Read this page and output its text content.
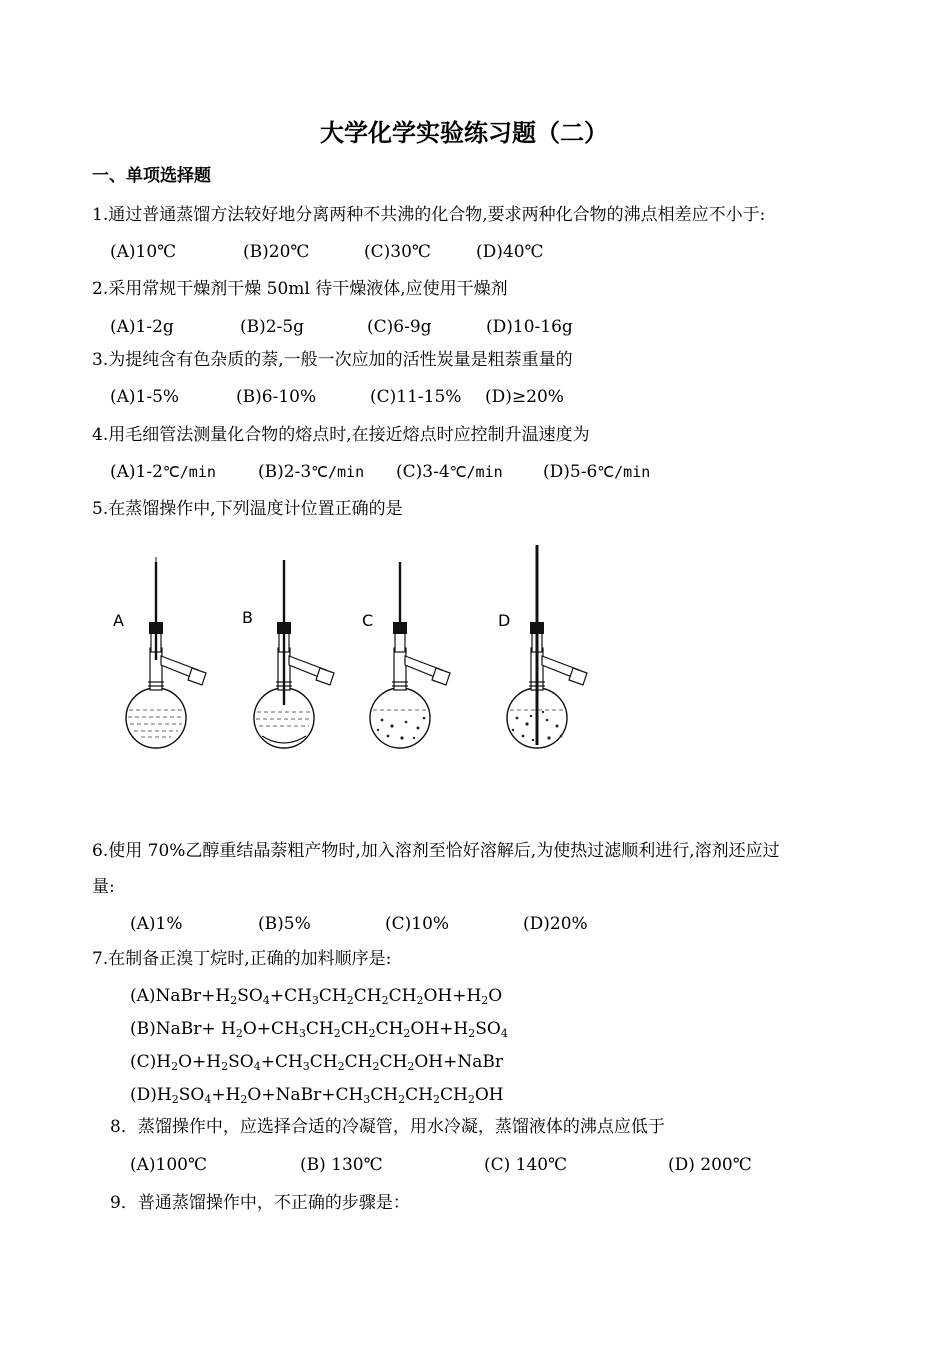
大学化学实验练习题（二）
一、单项选择题
1.通过普通蒸馏方法较好地分离两种不共沸的化合物,要求两种化合物的沸点相差应不小于:
(A)10℃	(B)20℃	(C)30℃	(D)40℃
2.采用常规干燥剂干燥 50ml 待干燥液体,应使用干燥剂
(A)1-2g	(B)2-5g	(C)6-9g	(D)10-16g
3.为提纯含有色杂质的萘,一般一次应加的活性炭量是粗萘重量的
(A)1-5%	(B)6-10%	(C)11-15% (D)≥20%
4.用毛细管法测量化合物的熔点时,在接近熔点时应控制升温速度为
(A)1-2℃/min (B)2-3℃/min (C)3-4℃/min (D)5-6℃/min
5.在蒸馏操作中,下列温度计位置正确的是
A	B	C	D
6.使用 70%乙醇重结晶萘粗产物时,加入溶剂至恰好溶解后,为使热过滤顺利进行,溶剂还应过
量:
(A)1%	(B)5%	(C)10%	(D)20%
7.在制备正溴丁烷时,正确的加料顺序是:
$(A)NaBr+H_2SO_4+CH_3CH_2CH_2CH_2OH+H_2O$
(B)NaBr+ $H_2O+CH_3CH_2CH_2CH_2OH+H_2SO_4$
$(C)H_2O+H_2SO_4+CH_3CH_2CH_2CH_2OH+NaBr$
$(D)H_2SO_4+H_2O+NaBr+CH_3CH_2CH_2CH_2OH$
8．蒸馏操作中，应选择合适的冷凝管，用水冷凝，蒸馏液体的沸点应低于
(A)100℃	(B) 130℃	(C) 140℃	(D) 200℃
9．普通蒸馏操作中，不正确的步骤是：
